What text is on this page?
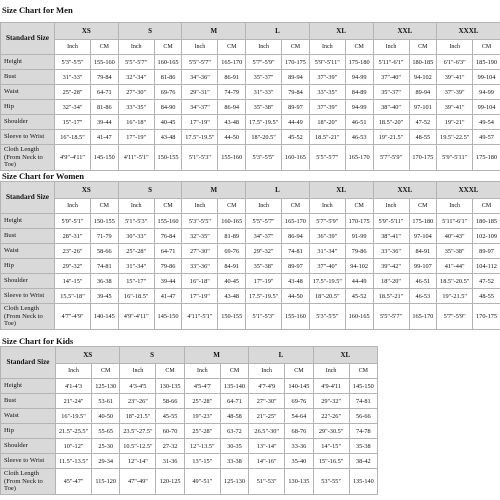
Size Chart for Men
Standard Size	XS		S		M		L		XL		XXL		XXXL	
	Inch	CM	Inch	CM	Inch	CM	Inch	CM	Inch	CM	Inch	CM	Inch	CM
Height	5'3"-5'5"	155-160	5'5"-5'7"	160-165	5'5"-5'7"	165-170	5'7"-5'9"	170-175	5'9"-5'11"	175-180	5'11"-6'1"	180-185	6'1"-6'3"	185-190
Bust	31"-33"	79-84	32"-34"	81-86	34"-36"	86-91	35"-37"	89-94	37"-39"	94-99	37"-40"	94-102	39"-41"	99-104
Waist	25"-28"	64-71	27"-30"	69-76	29"-31"	74-79	31"-33"	79-84	33"-35"	84-89	35"-37"	89-94	37"-39"	94-99
Hip	32"-34"	81-86	33"-35"	84-90	34"-37"	86-94	35"-38"	89-97	37"-39"	94-99	38"-40"	97-101	39"-41"	99-104
Shoulder	15"-17"	39-44	16"-18"	40-45	17"-19"	43-48	17.5"-19.5"	44-49	18"-20"	46-51	18.5"-20"	47-52	19"-21"	49-54
Sleeve to Wrist	16"-18.5"	41-47	17"-19"	43-48	17.5"-19.5"	44-50	18"-20.5"	45-52	18.5"-21"	46-53	19"-21.5"	48-55	19.5"-22.5"	49-57
Cloth Length (From Neck to Toe)	4'9"-4'11"	145-150	4'11"-5'1"	150-155	5'1"-5'3"	155-160	5'3"-5'5"	160-165	5'5"-5'7"	165-170	5'7"-5'9"	170-175	5'9"-5'11"	175-180
Size Chart for Women
Standard Size	XS		S		M		L		XL		XXL		XXXL	
	Inch	CM	Inch	CM	Inch	CM	Inch	CM	Inch	CM	Inch	CM	Inch	CM
Height	5'9"-5'1"	150-155	5'1"-5'3"	155-160	5'3"-5'5"	160-165	5'5"-5'7"	165-170	5'7"-5'9"	170-175	5'9"-5'11"	175-180	5'11"-6'1"	180-185
Bust	28"-31"	71-79	30"-33"	76-84	32"-35"	81-89	34"-37"	86-94	36"-39"	91-99	38"-41"	97-104	40"-43"	102-109
Waist	23"-26"	58-66	25"-28"	64-71	27"-30"	69-76	29"-32"	74-81	31"-34"	79-86	33"-36"	84-91	35"-38"	89-97
Hip	29"-32"	74-81	31"-34"	79-86	33"-36"	84-91	35"-38"	89-97	37"-40"	94-102	39"-42"	99-107	41"-44"	104-112
Shoulder	14"-15"	36-38	15"-17"	39-44	16"-18"	40-45	17"-19"	43-48	17.5"-19.5"	44-49	18"-20"	46-51	18.5"-20.5"	47-52
Sleeve to Wrist	15.5"-18"	39-45	16"-18.5"	41-47	17"-19"	43-48	17.5"-19.5"	44-50	18"-20.5"	45-52	18.5"-21"	46-53	19"-21.5"	48-55
Cloth Length (From Neck to Toe)	4'7"-4'9"	140-145	4'9"-4'11"	145-150	4'11"-5'1"	150-155	5'1"-5'3"	155-160	5'3"-5'5"	160-165	5'5"-5'7"	165-170	5'7"-5'9"	170-175
Size Chart for Kids
Standard Size	XS		S		M		L		XL	
	Inch	CM	Inch	CM	Inch	CM	Inch	CM	Inch	CM
Height	4'1-4'3	125-130	4'3-4'5	130-135	4'5-4'7	135-140	4'7-4'9	140-145	4'9-4'11	145-150
Bust	21"-24"	53-61	23"-26"	58-66	25"-28"	64-71	27"-30"	69-76	29"-32"	74-81
Waist	16"-19.5"	40-50	18"-21.5"	45-55	19"-23"	48-58	21"-25"	54-64	22"-26"	56-66
Hip	21.5"-25.5"	55-65	23.5"-27.5"	60-70	25"-28"	63-72	26.5"-30"	68-76	29"-30.5"	74-78
Shoulder	10"-12"	25-30	10.5"-12.5"	27-32	12"-13.5"	30-35	13"-14"	33-36	14"-15"	35-38
Sleeve to Wrist	11.5"-13.5"	29-34	12"-14"	31-36	13"-15"	33-38	14"-16"	35-40	15"-16.5"	38-42
Cloth Length (From Neck to Toe)	45"-47"	115-120	47"-49"	120-125	49"-51"	125-130	51"-53"	130-135	53"-55"	135-140
